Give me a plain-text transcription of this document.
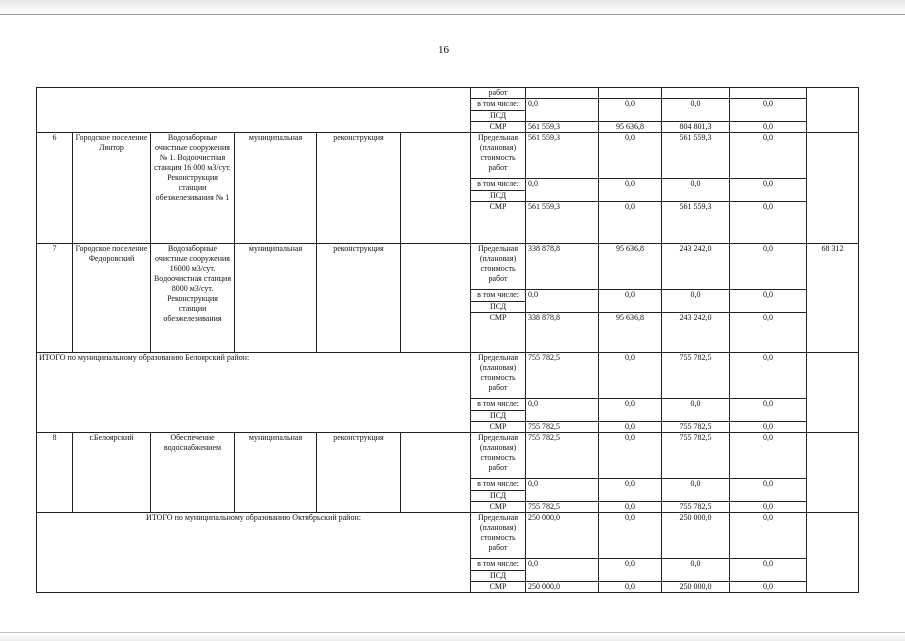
16
						работ						
						в том числе:	0,0	0,0	0,0	0,0		
						ПСД						
						СМР	561 559,3	95 636,8	804 801,3	0,0		
6	Городское поселение Лянтор	Водозаборные очистные сооружения № 1. Водоочистная станция 16 000 м3/сут. Реконструкция станции обезжелезивания № 1	муниципальная	реконструкция		Предельная (плановая) стоимость работ	561 559,3	0,0	561 559,3	0,0		
						в том числе:	0,0	0,0	0,0	0,0		
						ПСД						
						СМР	561 559,3	0,0	561 559,3	0,0		
7	Городское поселение Федоровский	Водозаборные очистные сооружения 16000 м3/сут. Водоочистная станция 8000 м3/сут. Реконструкция станции обезжелезивания	муниципальная	реконструкция		Предельная (плановая) стоимость работ	338 878,8	95 636,8	243 242,0	0,0	68 312	
						в том числе:	0,0	0,0	0,0	0,0		
						ПСД						
						СМР	338 878,8	95 636,8	243 242,0	0,0		
ИТОГО по муниципальному образованию Белоярский район:						Предельная (плановая) стоимость работ	755 782,5	0,0	755 782,5	0,0		
						в том числе:	0,0	0,0	0,0	0,0		
						ПСД						
						СМР	755 782,5	0,0	755 782,5	0,0		
8	г.Белоярский	Обеспечение водоснабжением	муниципальная	реконструкция		Предельная (плановая) стоимость работ	755 782,5	0,0	755 782,5	0,0		
						в том числе:	0,0	0,0	0,0	0,0		
						ПСД						
						СМР	755 782,5	0,0	755 782,5	0,0		
ИТОГО по муниципальному образованию Октябрьский район:						Предельная (плановая) стоимость работ	250 000,0	0,0	250 000,0	0,0		
						в том числе:	0,0	0,0	0,0	0,0		
						ПСД						
						СМР	250 000,0	0,0	250 000,0	0,0		
